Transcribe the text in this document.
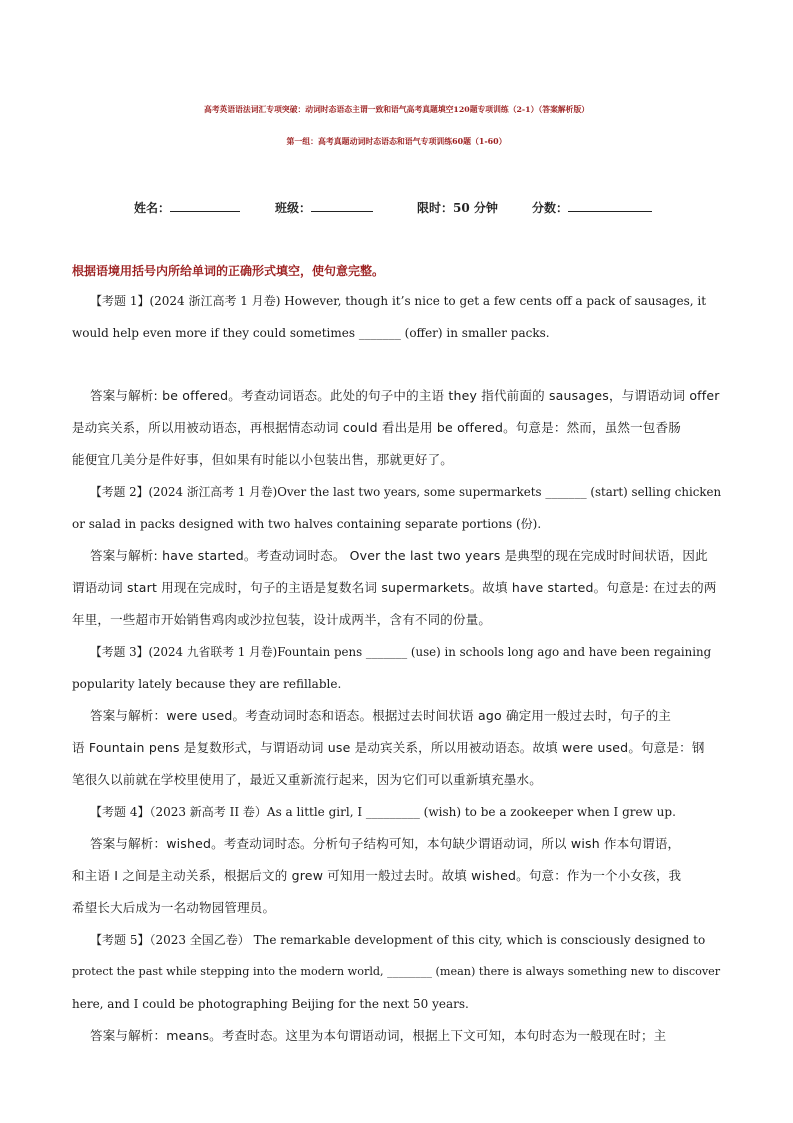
高考英语语法词汇专项突破：动词时态语态主谓一致和语气高考真题填空120题专项训练（2-1）（答案解析版）
第一组：高考真题动词时态语态和语气专项训练60题（1-60）
姓名：	班级：	限时：50 分钟	分数：
根据语境用括号内所给单词的正确形式填空，使句意完整。
【考题 1】(2024 浙江高考 1 月卷) However, though it’s nice to get a few cents off a pack of sausages, it
would help even more if they could sometimes _______ (offer) in smaller packs.
答案与解析: be offered。考查动词语态。此处的句子中的主语 they 指代前面的 sausages，与谓语动词 offer
是动宾关系，所以用被动语态，再根据情态动词 could 看出是用 be offered。句意是：然而，虽然一包香肠
能便宜几美分是件好事，但如果有时能以小包装出售，那就更好了。
【考题 2】(2024 浙江高考 1 月卷)Over the last two years, some supermarkets _______ (start) selling chicken
or salad in packs designed with two halves containing separate portions (份).
答案与解析: have started。考查动词时态。 Over the last two years 是典型的现在完成时时间状语，因此
谓语动词 start 用现在完成时，句子的主语是复数名词 supermarkets。故填 have started。句意是: 在过去的两
年里，一些超市开始销售鸡肉或沙拉包装，设计成两半，含有不同的份量。
【考题 3】(2024 九省联考 1 月卷)Fountain pens _______ (use) in schools long ago and have been regaining
popularity lately because they are refillable.
答案与解析：were used。考查动词时态和语态。根据过去时间状语 ago 确定用一般过去时，句子的主
语 Fountain pens 是复数形式，与谓语动词 use 是动宾关系，所以用被动语态。故填 were used。句意是：钢
笔很久以前就在学校里使用了，最近又重新流行起来，因为它们可以重新填充墨水。
【考题 4】（2023 新高考 II 卷）As a little girl, I _________ (wish) to be a zookeeper when I grew up.
答案与解析：wished。考查动词时态。分析句子结构可知，本句缺少谓语动词，所以 wish 作本句谓语，
和主语 I 之间是主动关系，根据后文的 grew 可知用一般过去时。故填 wished。句意：作为一个小女孩，我
希望长大后成为一名动物园管理员。
【考题 5】（2023 全国乙卷） The remarkable development of this city, which is consciously designed to
protect the past while stepping into the modern world, ________ (mean) there is always something new to discover
here, and I could be photographing Beijing for the next 50 years.
答案与解析：means。考查时态。这里为本句谓语动词，根据上下文可知，本句时态为一般现在时；主
